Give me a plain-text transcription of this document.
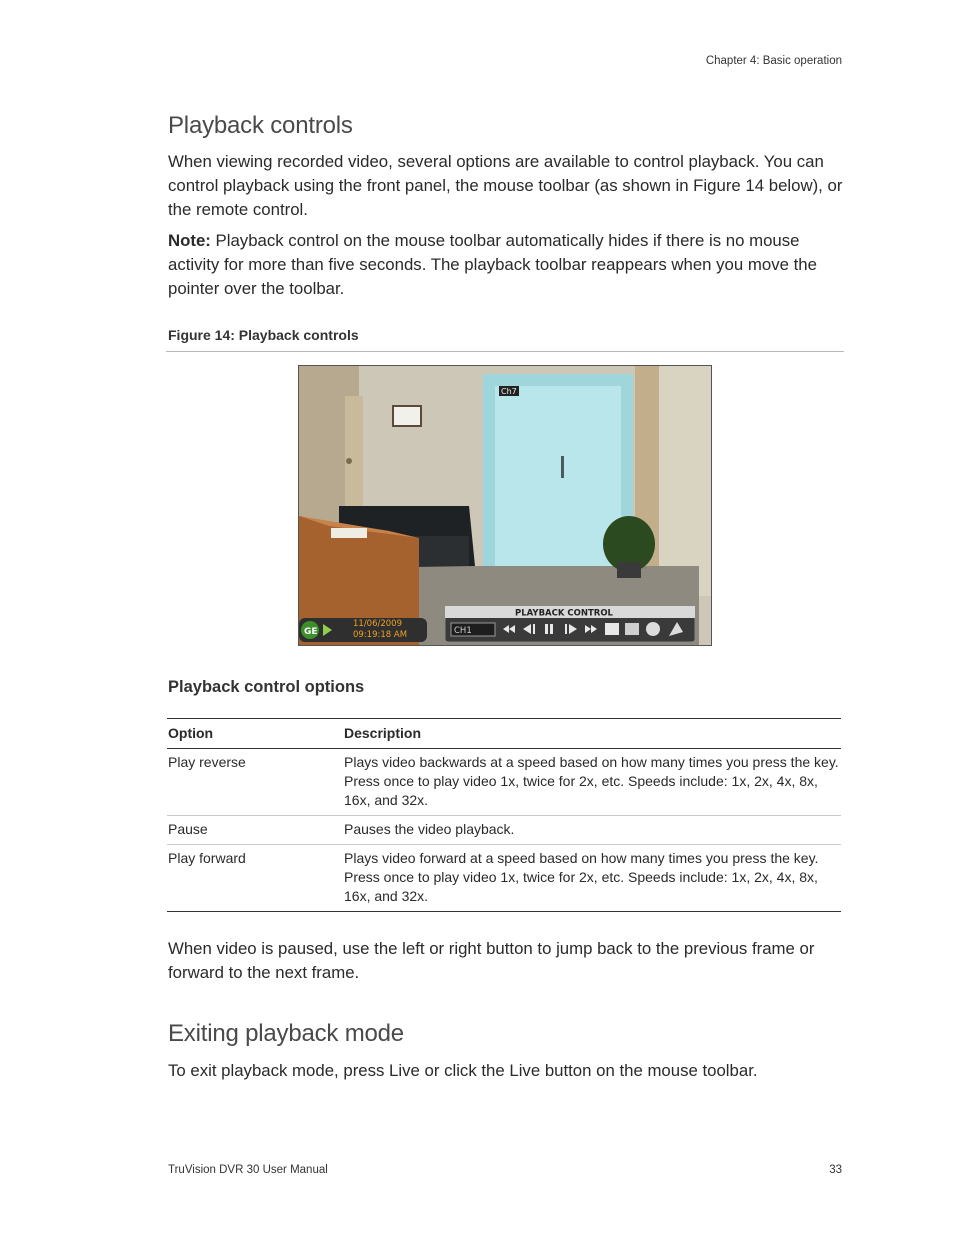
Chapter 4: Basic operation
Playback controls

When viewing recorded video, several options are available to control playback. You can control playback using the front panel, the mouse toolbar (as shown in Figure 14 below), or the remote control.

Note: Playback control on the mouse toolbar automatically hides if there is no mouse activity for more than five seconds. The playback toolbar reappears when you move the pointer over the toolbar.

Figure 14: Playback controls
Ch7
GE
11/06/2009
09:19:18 AM
PLAYBACK CONTROL
CH1
Playback control options
Option	Description
Play reverse	Plays video backwards at a speed based on how many times you press the key. Press once to play video 1x, twice for 2x, etc. Speeds include: 1x, 2x, 4x, 8x, 16x, and 32x.
Pause	Pauses the video playback.
Play forward	Plays video forward at a speed based on how many times you press the key. Press once to play video 1x, twice for 2x, etc. Speeds include: 1x, 2x, 4x, 8x, 16x, and 32x.

When video is paused, use the left or right button to jump back to the previous frame or forward to the next frame.

Exiting playback mode

To exit playback mode, press Live or click the Live button on the mouse toolbar.

TruVision DVR 30 User Manual	33
